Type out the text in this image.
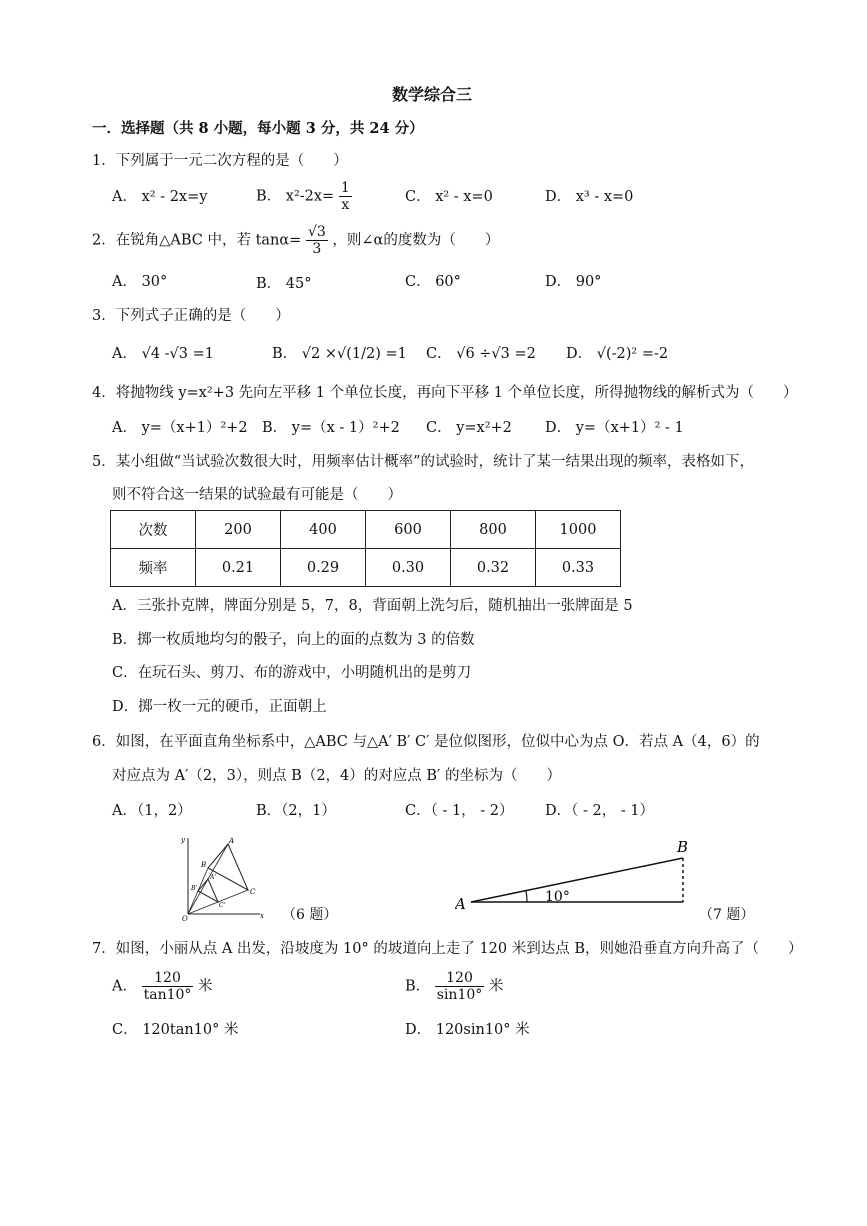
数学综合三
一．选择题（共 8 小题，每小题 3 分，共 24 分）
1．下列属于一元二次方程的是（　　）
A． x² - 2x=y	B． $x^2-2x= \frac{1}{x}$	C． x² - x=0	D． x³ - x=0
2．在锐角△ABC 中，若 $\tan\alpha= \frac{√3}{3}$ ，则∠α的度数为（　　）
A． 30°	B． 45°	C． 60°	D． 90°
3．下列式子正确的是（　　）
A． √4 -√3 =1	B． √2 ×√(1/2) =1 C． √6 ÷√3 =2 D． √(-2)² =-2
4．将抛物线 y=x²+3 先向左平移 1 个单位长度，再向下平移 1 个单位长度，所得抛物线的解析式为（　　）
A． y=（x+1）²+2 B． y=（x - 1）²+2 C． y=x²+2 D． y=（x+1）² - 1
5．某小组做“当试验次数很大时，用频率估计概率”的试验时，统计了某一结果出现的频率，表格如下，
则不符合这一结果的试验最有可能是（　　）
次数	200	400	600	800	1000
频率	0.21	0.29	0.30	0.32	0.33
A．三张扑克牌，牌面分别是 5，7，8，背面朝上洗匀后，随机抽出一张牌面是 5
B．掷一枚质地均匀的骰子，向上的面的点数为 3 的倍数
C．在玩石头、剪刀、布的游戏中，小明随机出的是剪刀
D．掷一枚一元的硬币，正面朝上
6．如图，在平面直角坐标系中，△ABC 与△A′ B′ C′ 是位似图形，位似中心为点 O．若点 A（4，6）的
对应点为 A′（2，3），则点 B（2，4）的对应点 B′ 的坐标为（　　）
A．（1，2）	B．（2，1）	C．（ - 1， - 2） D．（ - 2， - 1）
A
B
C
A'
B'
C'
O	x
y
（6 题）
A
B
10°
（7 题）
7．如图，小丽从点 A 出发，沿坡度为 10° 的坡道向上走了 120 米到达点 B，则她沿垂直方向升高了（　　）
A． $\frac{120}{\tan 10^\circ}$ 米	B． $\frac{120}{\sin 10^\circ}$ 米
C． 120tan10° 米	D． 120sin10° 米
